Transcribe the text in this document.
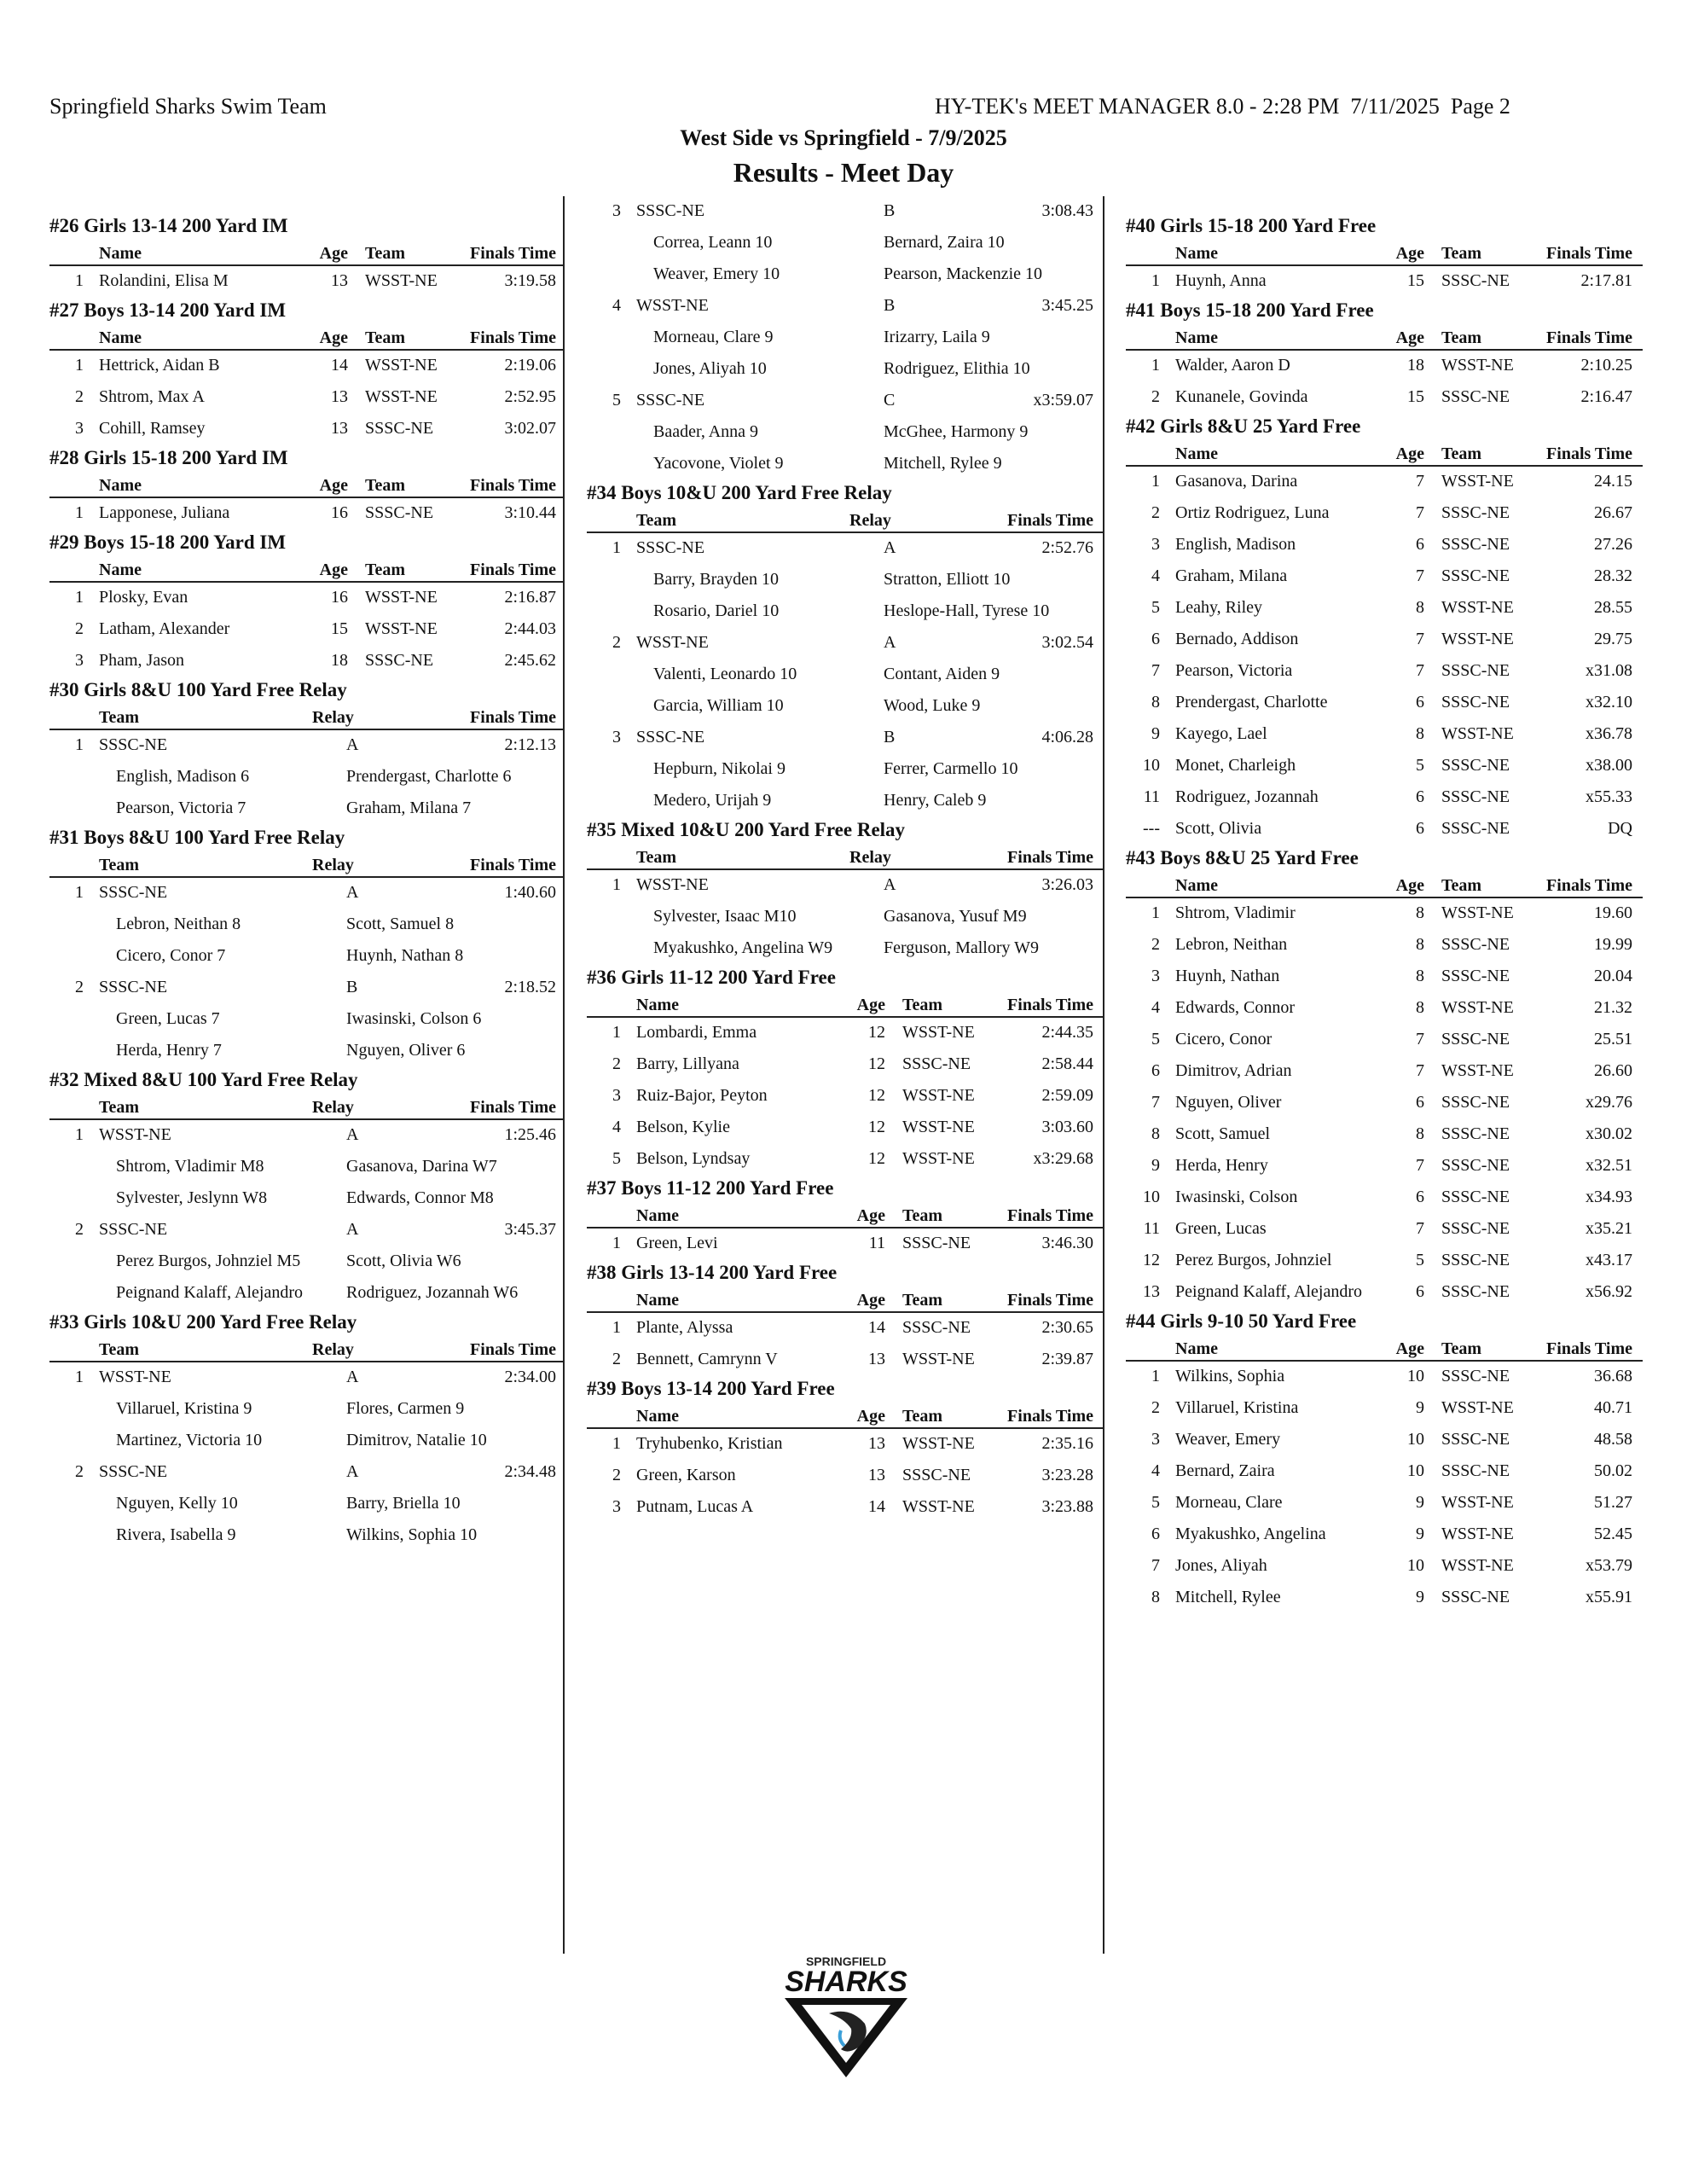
Springfield Sharks Swim Team	HY-TEK's MEET MANAGER 8.0 - 2:28 PM  7/11/2025  Page 2
West Side vs Springfield - 7/9/2025
Results - Meet Day
#26 Girls 13-14 200 Yard IM
Name	Age Team	Finals Time
1 Rolandini, Elisa M	13 WSST-NE	3:19.58
#27 Boys 13-14 200 Yard IM
Name	Age Team	Finals Time
1 Hettrick, Aidan B	14 WSST-NE	2:19.06
2 Shtrom, Max A	13 WSST-NE	2:52.95
3 Cohill, Ramsey	13 SSSC-NE	3:02.07
#28 Girls 15-18 200 Yard IM
Name	Age Team	Finals Time
1 Lapponese, Juliana	16 SSSC-NE	3:10.44
#29 Boys 15-18 200 Yard IM
Name	Age Team	Finals Time
1 Plosky, Evan	16 WSST-NE	2:16.87
2 Latham, Alexander	15 WSST-NE	2:44.03
3 Pham, Jason	18 SSSC-NE	2:45.62
#30 Girls 8&U 100 Yard Free Relay
Team	Relay	Finals Time
1 SSSC-NE	A	2:12.13
English, Madison 6	Prendergast, Charlotte 6
Pearson, Victoria 7	Graham, Milana 7
#31 Boys 8&U 100 Yard Free Relay
Team	Relay	Finals Time
1 SSSC-NE	A	1:40.60
Lebron, Neithan 8	Scott, Samuel 8
Cicero, Conor 7	Huynh, Nathan 8
2 SSSC-NE	B	2:18.52
Green, Lucas 7	Iwasinski, Colson 6
Herda, Henry 7	Nguyen, Oliver 6
#32 Mixed 8&U 100 Yard Free Relay
Team	Relay	Finals Time
1 WSST-NE	A	1:25.46
Shtrom, Vladimir M8	Gasanova, Darina W7
Sylvester, Jeslynn W8	Edwards, Connor M8
2 SSSC-NE	A	3:45.37
Perez Burgos, Johnziel M5	Scott, Olivia W6
Peignand Kalaff, Alejandro	Rodriguez, Jozannah W6
#33 Girls 10&U 200 Yard Free Relay
Team	Relay	Finals Time
1 WSST-NE	A	2:34.00
Villaruel, Kristina 9	Flores, Carmen 9
Martinez, Victoria 10	Dimitrov, Natalie 10
2 SSSC-NE	A	2:34.48
Nguyen, Kelly 10	Barry, Briella 10
Rivera, Isabella 9	Wilkins, Sophia 10
3 SSSC-NE	B	3:08.43
Correa, Leann 10	Bernard, Zaira 10
Weaver, Emery 10	Pearson, Mackenzie 10
4 WSST-NE	B	3:45.25
Morneau, Clare 9	Irizarry, Laila 9
Jones, Aliyah 10	Rodriguez, Elithia 10
5 SSSC-NE	C	x3:59.07
Baader, Anna 9	McGhee, Harmony 9
Yacovone, Violet 9	Mitchell, Rylee 9
#34 Boys 10&U 200 Yard Free Relay
Team	Relay	Finals Time
1 SSSC-NE	A	2:52.76
Barry, Brayden 10	Stratton, Elliott 10
Rosario, Dariel 10	Heslope-Hall, Tyrese 10
2 WSST-NE	A	3:02.54
Valenti, Leonardo 10	Contant, Aiden 9
Garcia, William 10	Wood, Luke 9
3 SSSC-NE	B	4:06.28
Hepburn, Nikolai 9	Ferrer, Carmello 10
Medero, Urijah 9	Henry, Caleb 9
#35 Mixed 10&U 200 Yard Free Relay
Team	Relay	Finals Time
1 WSST-NE	A	3:26.03
Sylvester, Isaac M10	Gasanova, Yusuf M9
Myakushko, Angelina W9	Ferguson, Mallory W9
#36 Girls 11-12 200 Yard Free
Name	Age Team	Finals Time
1 Lombardi, Emma	12 WSST-NE	2:44.35
2 Barry, Lillyana	12 SSSC-NE	2:58.44
3 Ruiz-Bajor, Peyton	12 WSST-NE	2:59.09
4 Belson, Kylie	12 WSST-NE	3:03.60
5 Belson, Lyndsay	12 WSST-NE	x3:29.68
#37 Boys 11-12 200 Yard Free
Name	Age Team	Finals Time
1 Green, Levi	11 SSSC-NE	3:46.30
#38 Girls 13-14 200 Yard Free
Name	Age Team	Finals Time
1 Plante, Alyssa	14 SSSC-NE	2:30.65
2 Bennett, Camrynn V	13 WSST-NE	2:39.87
#39 Boys 13-14 200 Yard Free
Name	Age Team	Finals Time
1 Tryhubenko, Kristian	13 WSST-NE	2:35.16
2 Green, Karson	13 SSSC-NE	3:23.28
3 Putnam, Lucas A	14 WSST-NE	3:23.88
#40 Girls 15-18 200 Yard Free
Name	Age Team	Finals Time
1 Huynh, Anna	15 SSSC-NE	2:17.81
#41 Boys 15-18 200 Yard Free
Name	Age Team	Finals Time
1 Walder, Aaron D	18 WSST-NE	2:10.25
2 Kunanele, Govinda	15 SSSC-NE	2:16.47
#42 Girls 8&U 25 Yard Free
Name	Age Team	Finals Time
1 Gasanova, Darina	7 WSST-NE	24.15
2 Ortiz Rodriguez, Luna	7 SSSC-NE	26.67
3 English, Madison	6 SSSC-NE	27.26
4 Graham, Milana	7 SSSC-NE	28.32
5 Leahy, Riley	8 WSST-NE	28.55
6 Bernado, Addison	7 WSST-NE	29.75
7 Pearson, Victoria	7 SSSC-NE	x31.08
8 Prendergast, Charlotte	6 SSSC-NE	x32.10
9 Kayego, Lael	8 WSST-NE	x36.78
10 Monet, Charleigh	5 SSSC-NE	x38.00
11 Rodriguez, Jozannah	6 SSSC-NE	x55.33
--- Scott, Olivia	6 SSSC-NE	DQ
#43 Boys 8&U 25 Yard Free
Name	Age Team	Finals Time
1 Shtrom, Vladimir	8 WSST-NE	19.60
2 Lebron, Neithan	8 SSSC-NE	19.99
3 Huynh, Nathan	8 SSSC-NE	20.04
4 Edwards, Connor	8 WSST-NE	21.32
5 Cicero, Conor	7 SSSC-NE	25.51
6 Dimitrov, Adrian	7 WSST-NE	26.60
7 Nguyen, Oliver	6 SSSC-NE	x29.76
8 Scott, Samuel	8 SSSC-NE	x30.02
9 Herda, Henry	7 SSSC-NE	x32.51
10 Iwasinski, Colson	6 SSSC-NE	x34.93
11 Green, Lucas	7 SSSC-NE	x35.21
12 Perez Burgos, Johnziel	5 SSSC-NE	x43.17
13 Peignand Kalaff, Alejandro	6 SSSC-NE	x56.92
#44 Girls 9-10 50 Yard Free
Name	Age Team	Finals Time
1 Wilkins, Sophia	10 SSSC-NE	36.68
2 Villaruel, Kristina	9 WSST-NE	40.71
3 Weaver, Emery	10 SSSC-NE	48.58
4 Bernard, Zaira	10 SSSC-NE	50.02
5 Morneau, Clare	9 WSST-NE	51.27
6 Myakushko, Angelina	9 WSST-NE	52.45
7 Jones, Aliyah	10 WSST-NE	x53.79
8 Mitchell, Rylee	9 SSSC-NE	x55.91
SPRINGFIELD
SHARKS
